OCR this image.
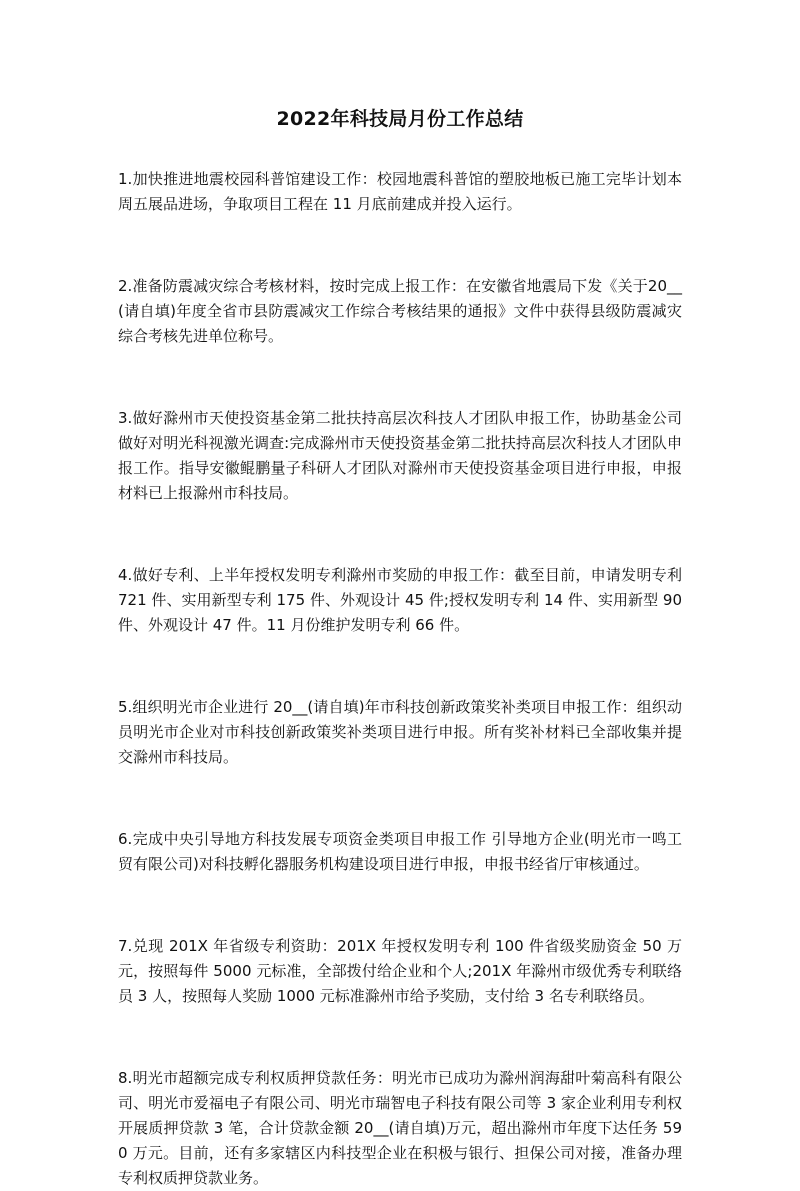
2022年科技局月份工作总结

1.加快推进地震校园科普馆建设工作：校园地震科普馆的塑胶地板已施工完毕计划本周五展品进场，争取项目工程在 11 月底前建成并投入运行。

2.准备防震减灾综合考核材料，按时完成上报工作：在安徽省地震局下发《关于20__(请自填)年度全省市县防震减灾工作综合考核结果的通报》文件中获得县级防震减灾综合考核先进单位称号。

3.做好滁州市天使投资基金第二批扶持高层次科技人才团队申报工作，协助基金公司做好对明光科视激光调查:完成滁州市天使投资基金第二批扶持高层次科技人才团队申报工作。指导安徽鲲鹏量子科研人才团队对滁州市天使投资基金项目进行申报，申报材料已上报滁州市科技局。

4.做好专利、上半年授权发明专利滁州市奖励的申报工作：截至目前，申请发明专利 721 件、实用新型专利 175 件、外观设计 45 件;授权发明专利 14 件、实用新型 90 件、外观设计 47 件。11 月份维护发明专利 66 件。

5.组织明光市企业进行 20__(请自填)年市科技创新政策奖补类项目申报工作：组织动员明光市企业对市科技创新政策奖补类项目进行申报。所有奖补材料已全部收集并提交滁州市科技局。

6.完成中央引导地方科技发展专项资金类项目申报工作 引导地方企业(明光市一鸣工贸有限公司)对科技孵化器服务机构建设项目进行申报，申报书经省厅审核通过。

7.兑现 201X 年省级专利资助：201X 年授权发明专利 100 件省级奖励资金 50 万元，按照每件 5000 元标准，全部拨付给企业和个人;201X 年滁州市级优秀专利联络员 3 人，按照每人奖励 1000 元标准滁州市给予奖励，支付给 3 名专利联络员。

8.明光市超额完成专利权质押贷款任务：明光市已成功为滁州润海甜叶菊高科有限公司、明光市爱福电子有限公司、明光市瑞智电子科技有限公司等 3 家企业利用专利权开展质押贷款 3 笔，合计贷款金额 20__(请自填)万元，超出滁州市年度下达任务 590 万元。目前，还有多家辖区内科技型企业在积极与银行、担保公司对接，准备办理专利权质押贷款业务。
